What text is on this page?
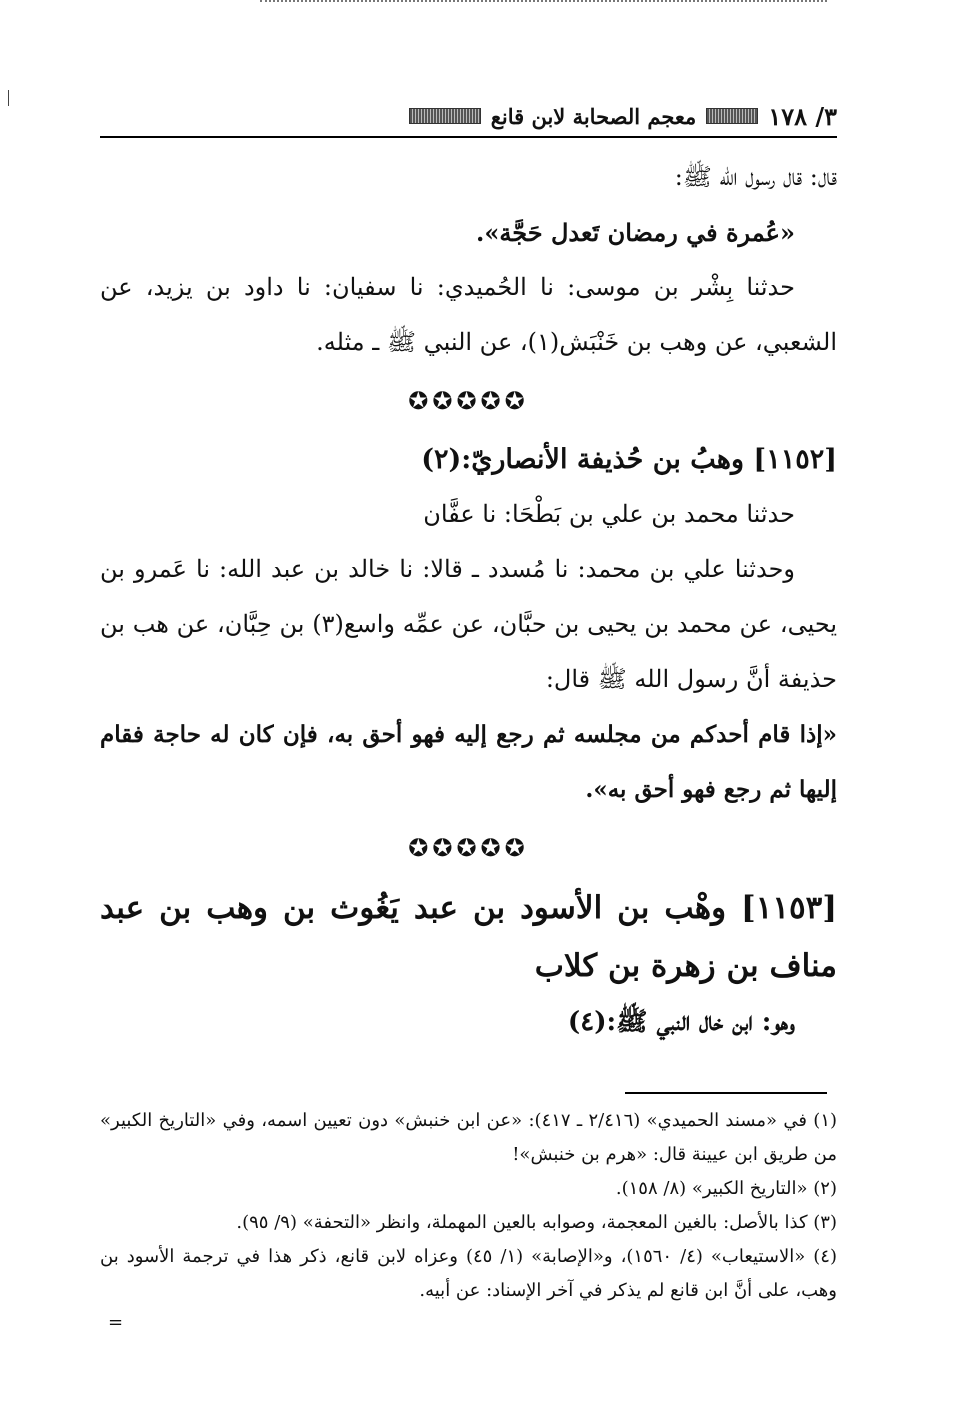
٣/ ١٧٨
معجم الصحابة لابن قانع

قال: قال رسول الله ﷺ:

«عُمرة في رمضان تَعدل حَجَّة».

حدثنا بِشْر بن موسى: نا الحُميدي: نا سفيان: نا داود بن يزيد، عن الشعبي، عن وهب بن خَنْبَش(١)، عن النبي ﷺ ـ مثله.

✪✪✪✪✪

[١١٥٢] وهبُ بن حُذيفة الأنصاريّ:(٢)

حدثنا محمد بن علي بن بَطْحَا: نا عفَّان

وحدثنا علي بن محمد: نا مُسدد ـ قالا: نا خالد بن عبد الله: نا عَمرو بن يحيى، عن محمد بن يحيى بن حبَّان، عن عمِّه واسع(٣) بن حِبَّان، عن هب بن حذيفة أنَّ رسول الله ﷺ قال:

«إذا قام أحدكم من مجلسه ثم رجع إليه فهو أحق به، فإن كان له حاجة فقام إليها ثم رجع فهو أحق به».

✪✪✪✪✪

[١١٥٣] وهْب بن الأسود بن عبد يَغُوث بن وهب بن عبد مناف بن زهرة بن كلاب

وهو: ابن خال النبي ﷺ:(٤)

(١) في «مسند الحميدي» (٢/٤١٦ ـ ٤١٧): «عن ابن خنبش» دون تعيين اسمه، وفي «التاريخ الكبير» من طريق ابن عيينة قال: «هرم بن خنبش»!

(٢) «التاريخ الكبير» (٨/ ١٥٨).

(٣) كذا بالأصل: بالغين المعجمة، وصوابه بالعين المهملة، وانظر «التحفة» (٩/ ٩٥).

(٤) «الاستيعاب» (٤/ ١٥٦٠)، و«الإصابة» (١/ ٤٥) وعزاه لابن قانع، ذكر هذا في ترجمة الأسود بن وهب، على أنَّ ابن قانع لم يذكر في آخر الإسناد: عن أبيه.

=
